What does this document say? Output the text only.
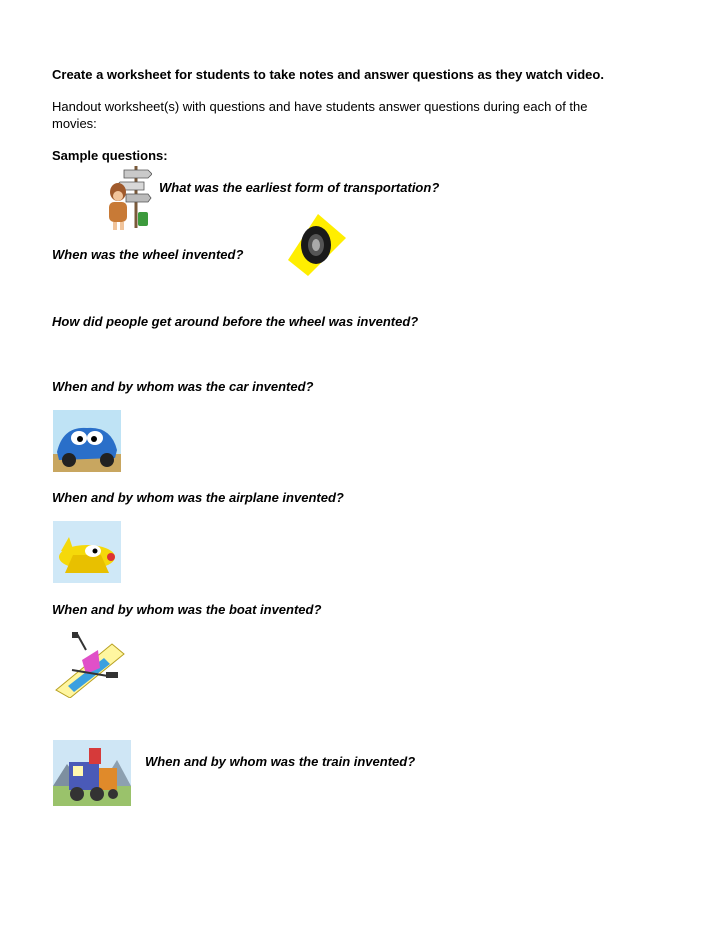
Create a worksheet for students to take notes and answer questions as they watch video.
Handout worksheet(s) with questions and have students answer questions during each of the
movies:
Sample questions:
What was the earliest form of transportation?
When was the wheel invented?
How did people get around before the wheel was invented?
When and by whom was the car invented?
When and by whom was the airplane invented?
When and by whom was the boat invented?
When and by whom was the train invented?
